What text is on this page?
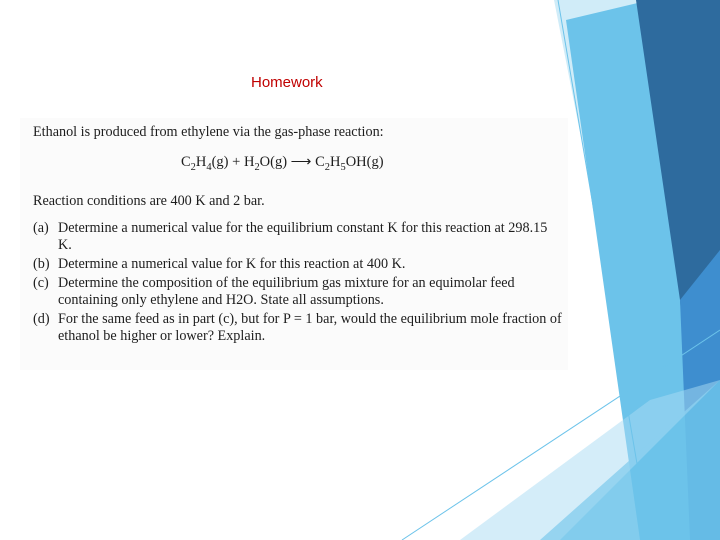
Homework

Ethanol is produced from ethylene via the gas-phase reaction:

$C_2H_4(g) + H_2O(g)$ ⟶ $C_2H_5OH(g)$

Reaction conditions are 400 K and 2 bar.

(a) Determine a numerical value for the equilibrium constant K for this reaction at 298.15 K.
(b) Determine a numerical value for K for this reaction at 400 K.
(c) Determine the composition of the equilibrium gas mixture for an equimolar feed containing only ethylene and H2O. State all assumptions.
(d) For the same feed as in part (c), but for P = 1 bar, would the equilibrium mole fraction of ethanol be higher or lower? Explain.
